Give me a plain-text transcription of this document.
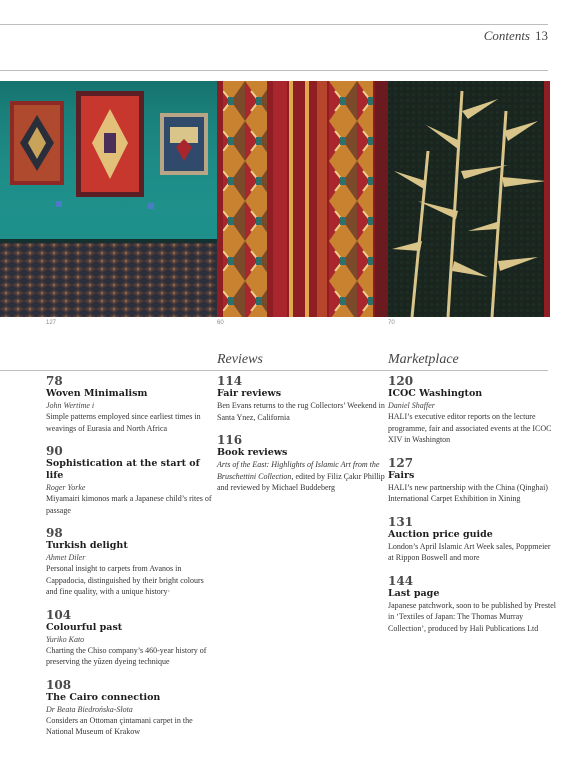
Contents 13
127	60	70
Reviews	Marketplace
78
Woven Minimalism
John Wertime i
Simple patterns employed since earliest times in weavings of Eurasia and North Africa
90
Sophistication at the start of life
Roger Yorke
Miyamairi kimonos mark a Japanese child’s rites of passage
98
Turkish delight
Ahmet Diler
Personal insight to carpets from Avanos in Cappadocia, distinguished by their bright colours and fine quality, with a unique history·
104
Colourful past
Yuriko Kato
Charting the Chiso company’s 460-year history of preserving the yūzen dyeing technique
108
The Cairo connection
Dr Beata Biedrońska-Słota
Considers an Ottoman çintamani carpet in the National Museum of Krakow
114
Fair reviews
Ben Evans returns to the rug Collectors’ Weekend in Santa Ynez, California
116
Book reviews
Arts of the East: Highlights of Islamic Art from the Bruschettini Collection, edited by Filiz Çakır Phillip and reviewed by Michael Buddeberg
120
ICOC Washington
Daniel Shaffer
HALI’s executive editor reports on the lecture programme, fair and associated events at the ICOC XIV in Washington
127
Fairs
HALI’s new partnership with the China (Qinghai) International Carpet Exhibition in Xining
131
Auction price guide
London’s April Islamic Art Week sales, Poppmeier at Rippon Boswell and more
144
Last page
Japanese patchwork, soon to be published by Prestel in ‘Textiles of Japan: The Thomas Murray Collection’, produced by Hali Publications Ltd
